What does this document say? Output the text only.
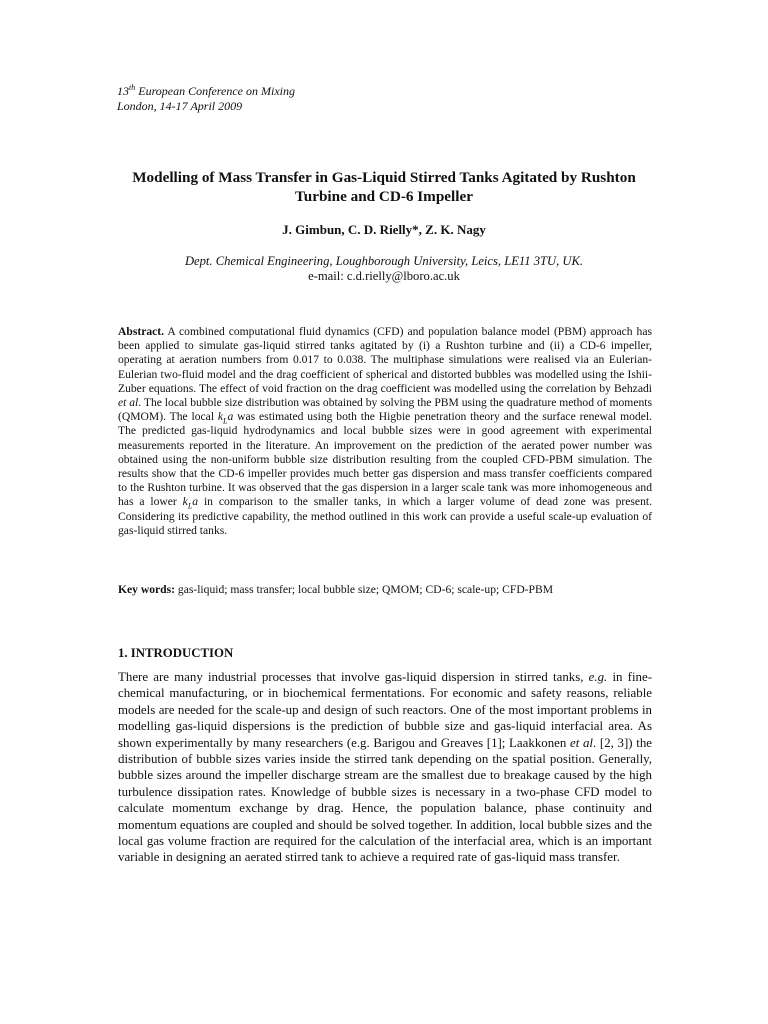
13th European Conference on Mixing
London, 14-17 April 2009
Modelling of Mass Transfer in Gas-Liquid Stirred Tanks Agitated by Rushton Turbine and CD-6 Impeller
J. Gimbun, C. D. Rielly*, Z. K. Nagy
Dept. Chemical Engineering, Loughborough University, Leics, LE11 3TU, UK.
e-mail: c.d.rielly@lboro.ac.uk
Abstract. A combined computational fluid dynamics (CFD) and population balance model (PBM) approach has been applied to simulate gas-liquid stirred tanks agitated by (i) a Rushton turbine and (ii) a CD-6 impeller, operating at aeration numbers from 0.017 to 0.038. The multiphase simulations were realised via an Eulerian-Eulerian two-fluid model and the drag coefficient of spherical and distorted bubbles was modelled using the Ishii-Zuber equations. The effect of void fraction on the drag coefficient was modelled using the correlation by Behzadi et al. The local bubble size distribution was obtained by solving the PBM using the quadrature method of moments (QMOM). The local $k_La$ was estimated using both the Higbie penetration theory and the surface renewal model. The predicted gas-liquid hydrodynamics and local bubble sizes were in good agreement with experimental measurements reported in the literature. An improvement on the prediction of the aerated power number was obtained using the non-uniform bubble size distribution resulting from the coupled CFD-PBM simulation. The results show that the CD-6 impeller provides much better gas dispersion and mass transfer coefficients compared to the Rushton turbine. It was observed that the gas dispersion in a larger scale tank was more inhomogeneous and has a lower $k_La$ in comparison to the smaller tanks, in which a larger volume of dead zone was present. Considering its predictive capability, the method outlined in this work can provide a useful scale-up evaluation of gas-liquid stirred tanks.
Key words: gas-liquid; mass transfer; local bubble size; QMOM; CD-6; scale-up; CFD-PBM
1. INTRODUCTION
There are many industrial processes that involve gas-liquid dispersion in stirred tanks, e.g. in fine-chemical manufacturing, or in biochemical fermentations. For economic and safety reasons, reliable models are needed for the scale-up and design of such reactors. One of the most important problems in modelling gas-liquid dispersions is the prediction of bubble size and gas-liquid interfacial area. As shown experimentally by many researchers (e.g. Barigou and Greaves [1]; Laakkonen et al. [2, 3]) the distribution of bubble sizes varies inside the stirred tank depending on the spatial position. Generally, bubble sizes around the impeller discharge stream are the smallest due to breakage caused by the high turbulence dissipation rates. Knowledge of bubble sizes is necessary in a two-phase CFD model to calculate momentum exchange by drag. Hence, the population balance, phase continuity and momentum equations are coupled and should be solved together. In addition, local bubble sizes and the local gas volume fraction are required for the calculation of the interfacial area, which is an important variable in designing an aerated stirred tank to achieve a required rate of gas-liquid mass transfer.
